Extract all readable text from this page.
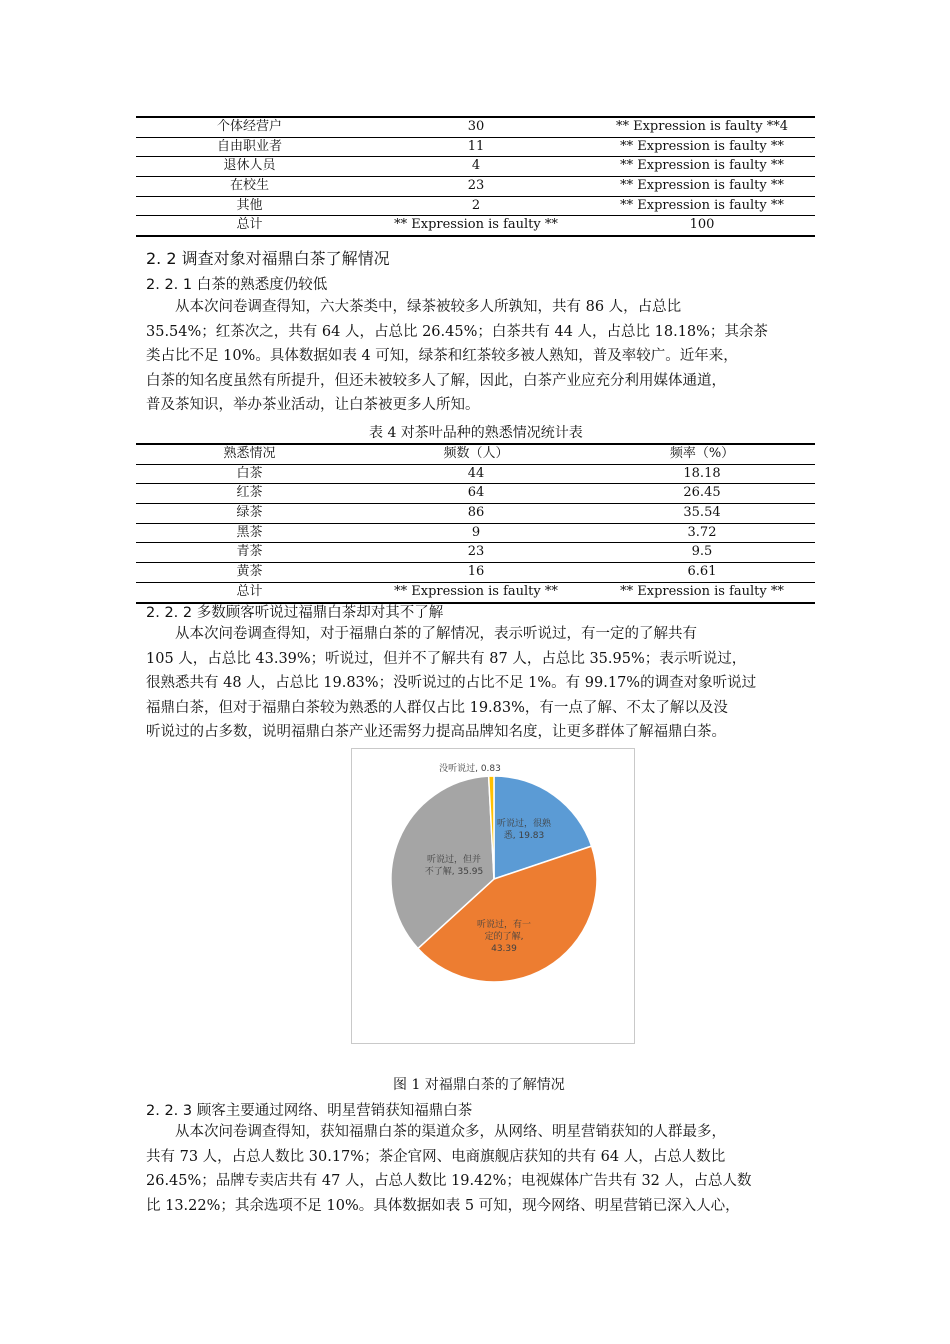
个体经营户	30	** Expression is faulty **4
自由职业者	11	** Expression is faulty **
退休人员	4	** Expression is faulty **
在校生	23	** Expression is faulty **
其他	2	** Expression is faulty **
总计	** Expression is faulty **	100
2. 2 调查对象对福鼎白茶了解情况
2. 2. 1 白茶的熟悉度仍较低

　　从本次问卷调查得知，六大茶类中，绿茶被较多人所孰知，共有 86 人，占总比

35.54%；红茶次之，共有 64 人，占总比 26.45%；白茶共有 44 人，占总比 18.18%；其余茶

类占比不足 10%。具体数据如表 4 可知，绿茶和红茶较多被人熟知，普及率较广。近年来，

白茶的知名度虽然有所提升，但还未被较多人了解，因此，白茶产业应充分利用媒体通道，

普及茶知识，举办茶业活动，让白茶被更多人所知。

表 4 对茶叶品种的熟悉情况统计表
熟悉情况	频数（人）	频率（%）
白茶	44	18.18
红茶	64	26.45
绿茶	86	35.54
黑茶	9	3.72
青茶	23	9.5
黄茶	16	6.61
总计	** Expression is faulty **	** Expression is faulty **
2. 2. 2 多数顾客听说过福鼎白茶却对其不了解

　　从本次问卷调查得知，对于福鼎白茶的了解情况，表示听说过，有一定的了解共有

105 人，占总比 43.39%；听说过，但并不了解共有 87 人，占总比 35.95%；表示听说过，

很熟悉共有 48 人，占总比 19.83%；没听说过的占比不足 1%。有 99.17%的调查对象听说过

福鼎白茶，但对于福鼎白茶较为熟悉的人群仅占比 19.83%，有一点了解、不太了解以及没

听说过的占多数，说明福鼎白茶产业还需努力提高品牌知名度，让更多群体了解福鼎白茶。

听说过，很熟悉, 19.83
听说过，有一定的了解, 43.39
听说过，但并不了解, 35.95
没听说过, 0.83
图 1 对福鼎白茶的了解情况
2. 2. 3 顾客主要通过网络、明星营销获知福鼎白茶

　　从本次问卷调查得知，获知福鼎白茶的渠道众多，从网络、明星营销获知的人群最多，

共有 73 人，占总人数比 30.17%；茶企官网、电商旗舰店获知的共有 64 人，占总人数比

26.45%；品牌专卖店共有 47 人，占总人数比 19.42%；电视媒体广告共有 32 人，占总人数

比 13.22%；其余选项不足 10%。具体数据如表 5 可知，现今网络、明星营销已深入人心，
